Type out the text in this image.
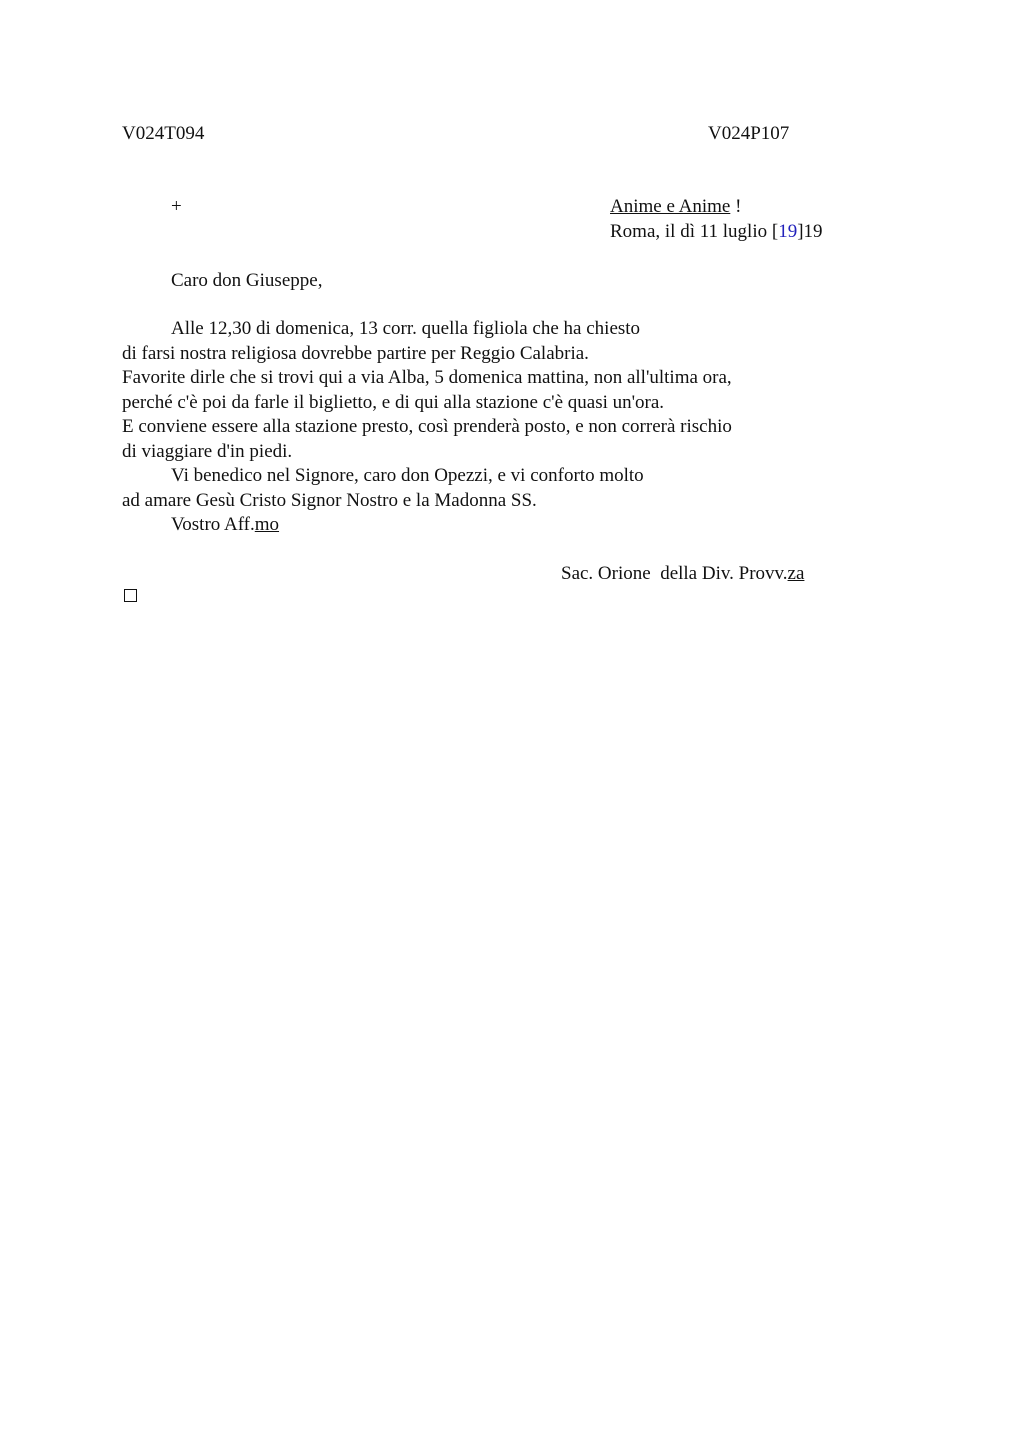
V024T094	V024P107
+	Anime e Anime !
Roma, il dì 11 luglio [19]19
Caro don Giuseppe,
Alle 12,30 di domenica, 13 corr. quella figliola che ha chiesto
di farsi nostra religiosa dovrebbe partire per Reggio Calabria.
Favorite dirle che si trovi qui a via Alba, 5 domenica mattina, non all'ultima ora,
perché c'è poi da farle il biglietto, e di qui alla stazione c'è quasi un'ora.
E conviene essere alla stazione presto, così prenderà posto, e non correrà rischio
di viaggiare d'in piedi.
Vi benedico nel Signore, caro don Opezzi, e vi conforto molto
ad amare Gesù Cristo Signor Nostro e la Madonna SS.
Vostro Aff.mo
Sac. Orione  della Div. Provv.za
